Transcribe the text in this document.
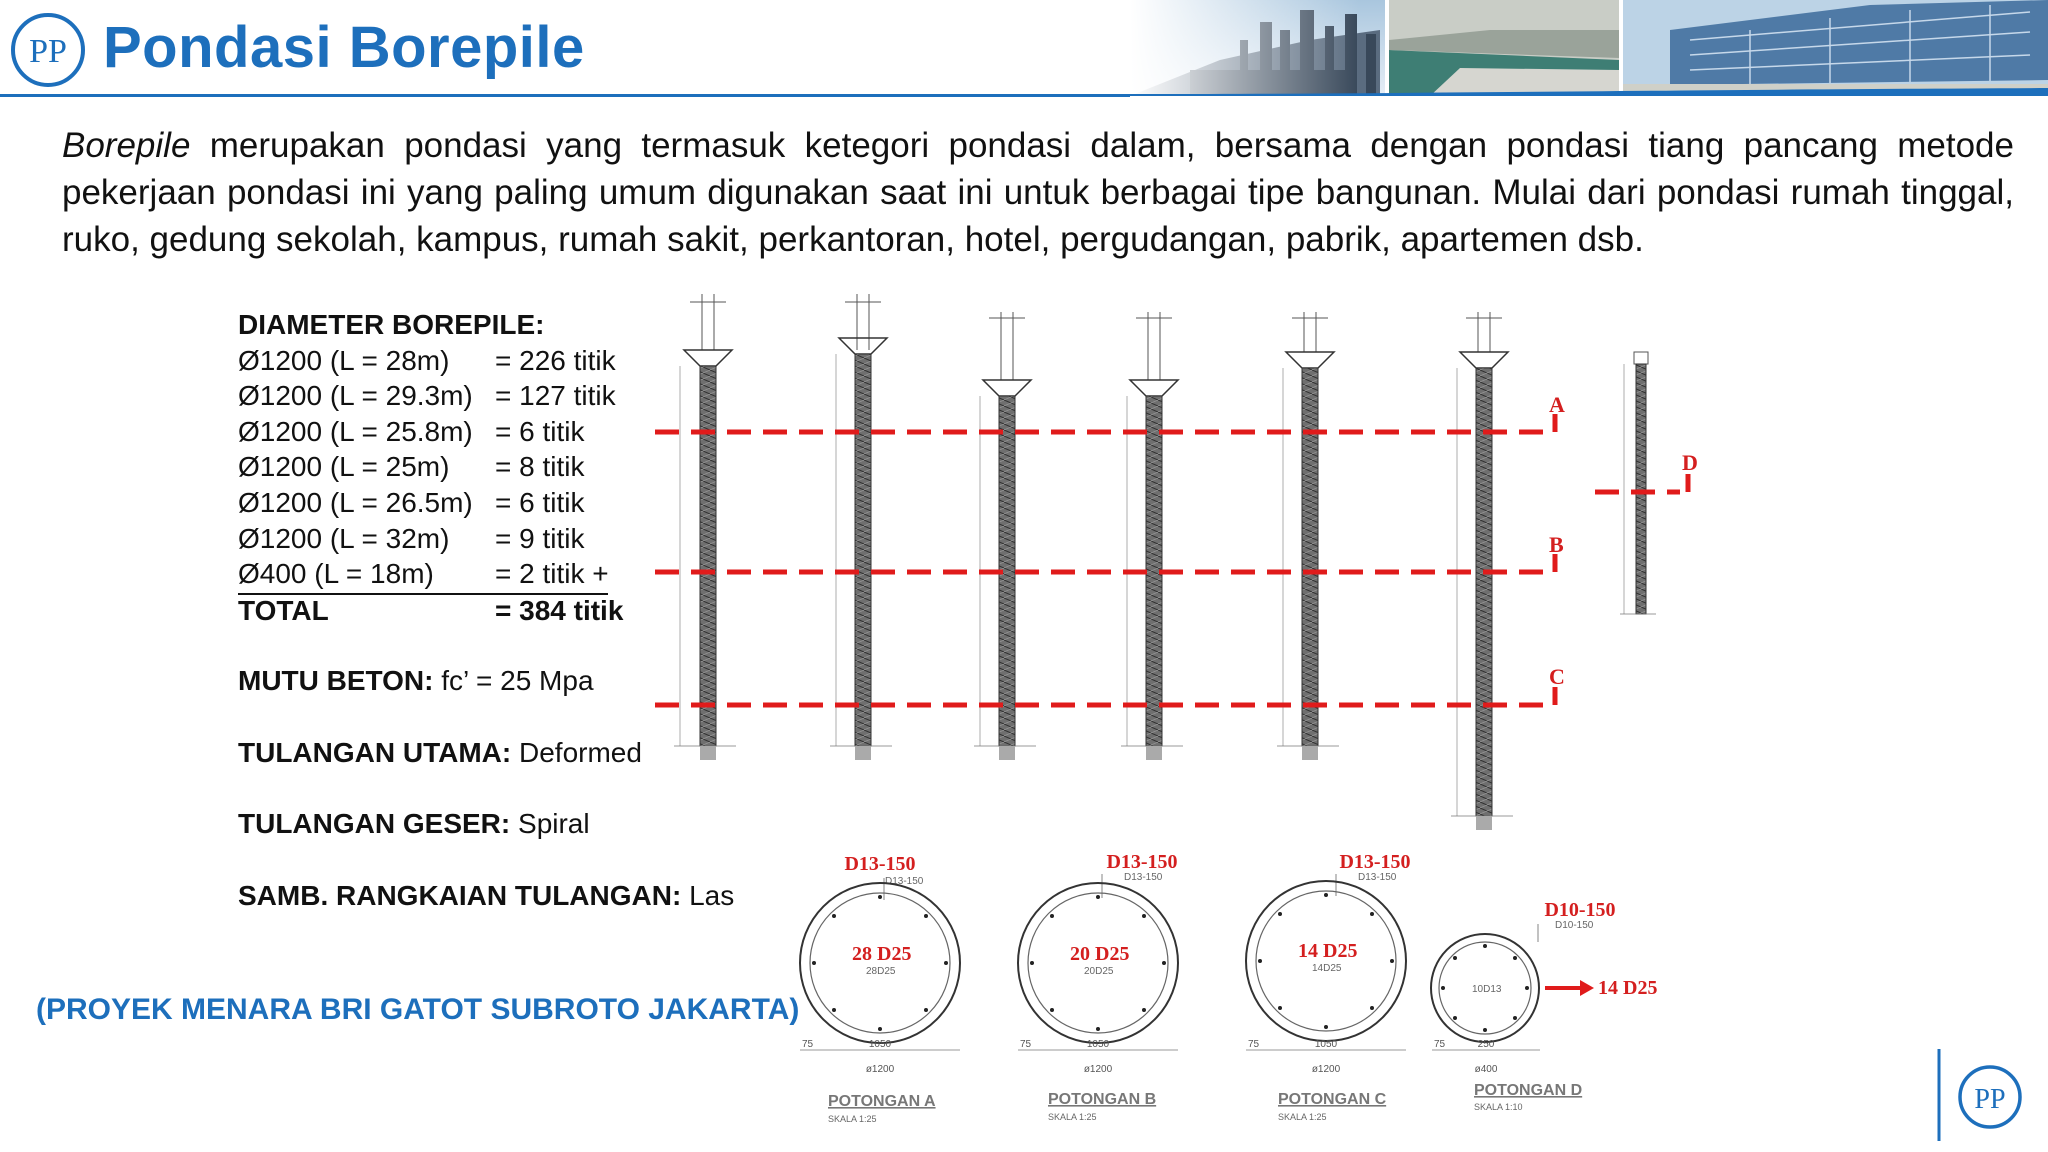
PP Pondasi Borepile
Borepile merupakan pondasi yang termasuk ketegori pondasi dalam, bersama dengan pondasi tiang pancang metode pekerjaan pondasi ini yang paling umum digunakan saat ini untuk berbagai tipe bangunan. Mulai dari pondasi rumah tinggal, ruko, gedung sekolah, kampus, rumah sakit, perkantoran, hotel, pergudangan, pabrik, apartemen dsb.
DIAMETER BOREPILE:
Ø1200 (L = 28m) = 226 titik
Ø1200 (L = 29.3m) = 127 titik
Ø1200 (L = 25.8m) = 6 titik
Ø1200 (L = 25m) = 8 titik
Ø1200 (L = 26.5m) = 6 titik
Ø1200 (L = 32m) = 9 titik
Ø400 (L = 18m) = 2 titik +
TOTAL	= 384 titik
MUTU BETON: fc’ = 25 Mpa
TULANGAN UTAMA: Deformed
TULANGAN GESER: Spiral
SAMB. RANGKAIAN TULANGAN: Las
(PROYEK MENARA BRI GATOT SUBROTO JAKARTA)
A
B
C
D
D13-150
D13-150
28 D25
28D25
1050
75
ø1200
POTONGAN A
SKALA 1:25
D13-150
D13-150
20 D25
20D25
1050
75
ø1200
POTONGAN B
SKALA 1:25
D13-150
D13-150
14 D25
14D25
1050
75
ø1200
POTONGAN C
SKALA 1:25
D10-150
D10-150
10D13	14 D25
250
75
ø400
POTONGAN D
SKALA 1:10	PP
